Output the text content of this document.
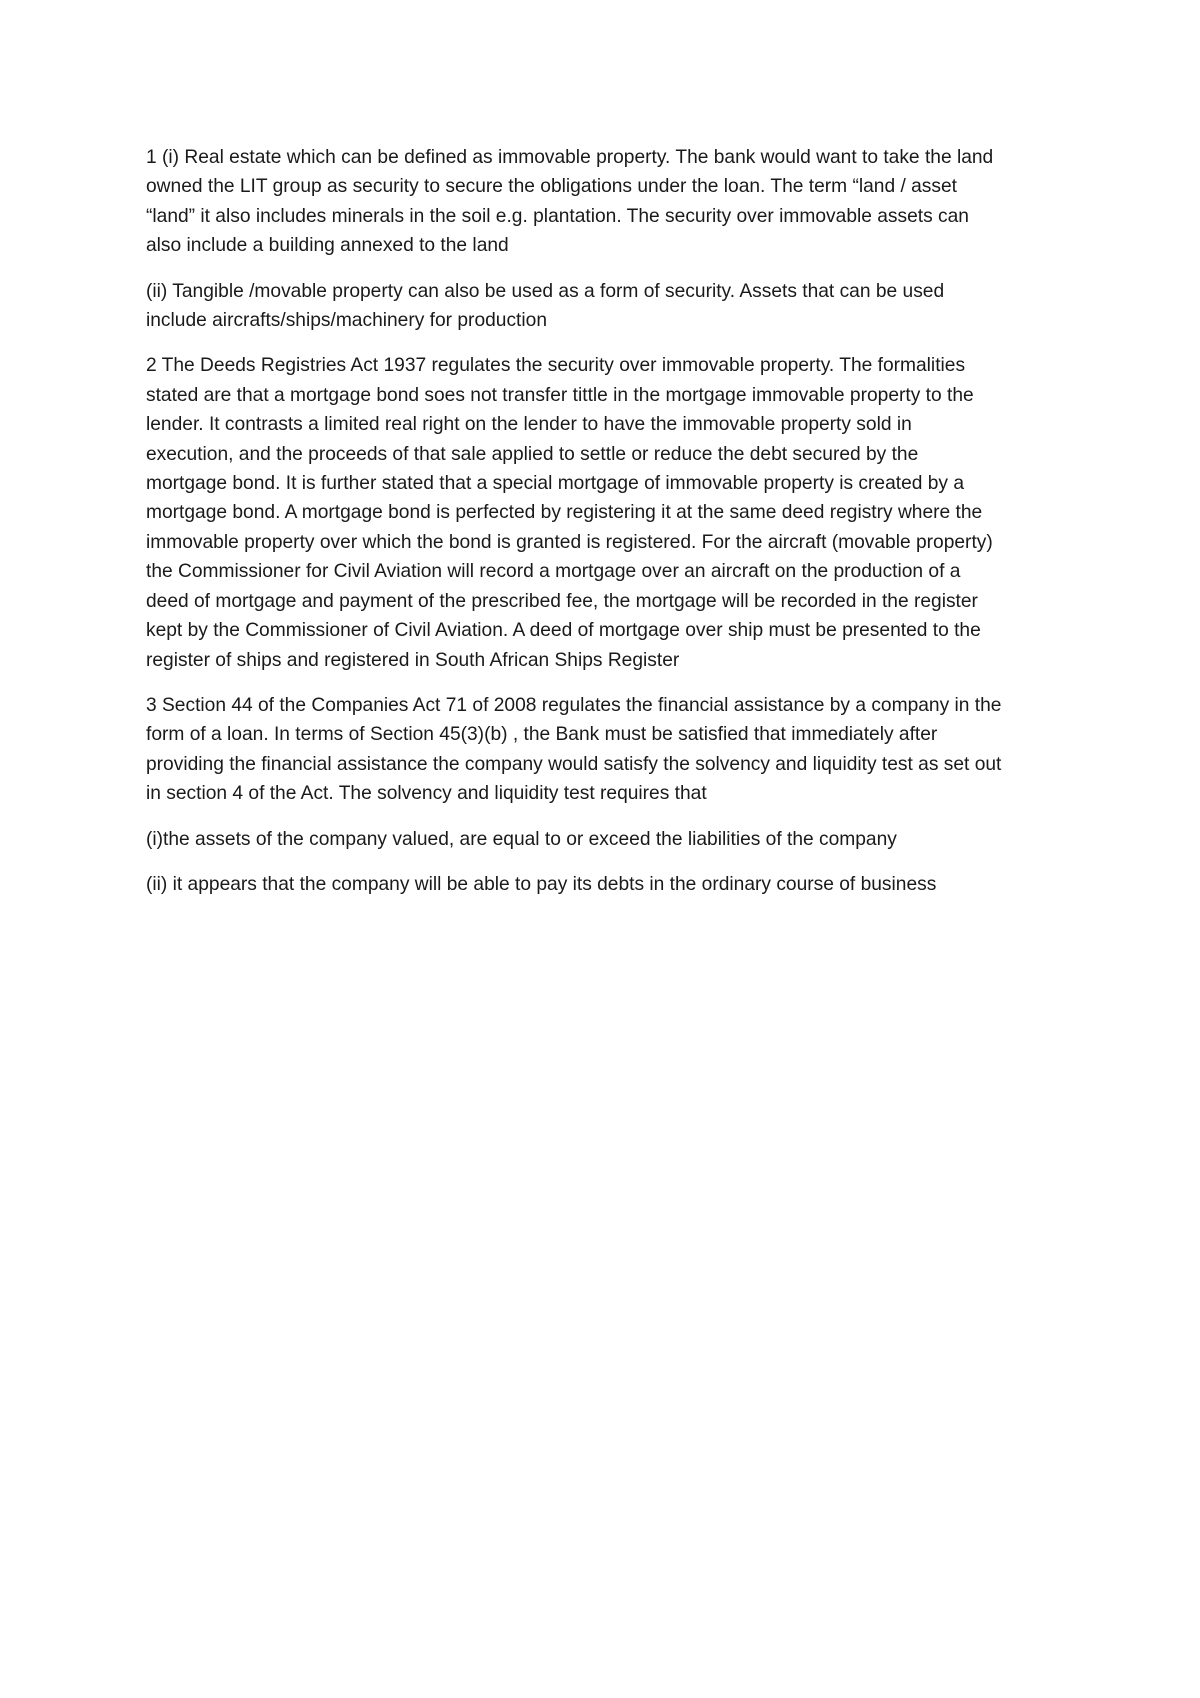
1 (i) Real estate which can be defined as immovable property. The bank would want to take the land
owned the LIT group as security to secure the obligations under the loan. The term “land / asset
“land” it also includes minerals in the soil e.g. plantation. The security over immovable assets can
also include a building annexed to the land

(ii) Tangible /movable property can also be used as a form of security. Assets that can be used
include aircrafts/ships/machinery for production

2 The Deeds Registries Act 1937 regulates the security over immovable property. The formalities
stated are that a mortgage bond soes not transfer tittle in the mortgage immovable property to the
lender. It contrasts a limited real right on the lender to have the immovable property sold in
execution, and the proceeds of that sale applied to settle or reduce the debt secured by the
mortgage bond. It is further stated that a special mortgage of immovable property is created by a
mortgage bond. A mortgage bond is perfected by registering it at the same deed registry where the
immovable property over which the bond is granted is registered. For the aircraft (movable property)
the Commissioner for Civil Aviation will record a mortgage over an aircraft on the production of a
deed of mortgage and payment of the prescribed fee, the mortgage will be recorded in the register
kept by the Commissioner of Civil Aviation. A deed of mortgage over ship must be presented to the
register of ships and registered in South African Ships Register

3 Section 44 of the Companies Act 71 of 2008 regulates the financial assistance by a company in the
form of a loan. In terms of Section 45(3)(b) , the Bank must be satisfied that immediately after
providing the financial assistance the company would satisfy the solvency and liquidity test as set out
in section 4 of the Act. The solvency and liquidity test requires that

(i)the assets of the company valued, are equal to or exceed the liabilities of the company

(ii) it appears that the company will be able to pay its debts in the ordinary course of business
